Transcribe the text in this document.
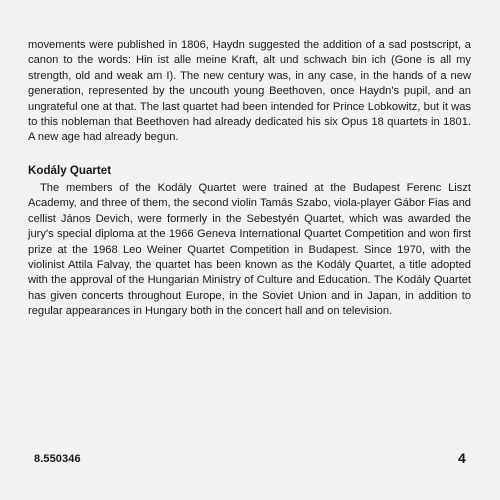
movements were published in 1806, Haydn suggested the addition of a sad postscript, a canon to the words: Hin ist alle meine Kraft, alt und schwach bin ich (Gone is all my strength, old and weak am I). The new century was, in any case, in the hands of a new generation, represented by the uncouth young Beethoven, once Haydn's pupil, and an ungrateful one at that. The last quartet had been intended for Prince Lobkowitz, but it was to this nobleman that Beethoven had already dedicated his six Opus 18 quartets in 1801. A new age had already begun.

Kodály Quartet

The members of the Kodály Quartet were trained at the Budapest Ferenc Liszt Academy, and three of them, the second violin Tamás Szabo, viola-player Gábor Fias and cellist János Devich, were formerly in the Sebestyén Quartet, which was awarded the jury's special diploma at the 1966 Geneva International Quartet Competition and won first prize at the 1968 Leo Weiner Quartet Competition in Budapest. Since 1970, with the violinist Attila Falvay, the quartet has been known as the Kodály Quartet, a title adopted with the approval of the Hungarian Ministry of Culture and Education. The Kodály Quartet has given concerts throughout Europe, in the Soviet Union and in Japan, in addition to regular appearances in Hungary both in the concert hall and on television.

8.550346	4
